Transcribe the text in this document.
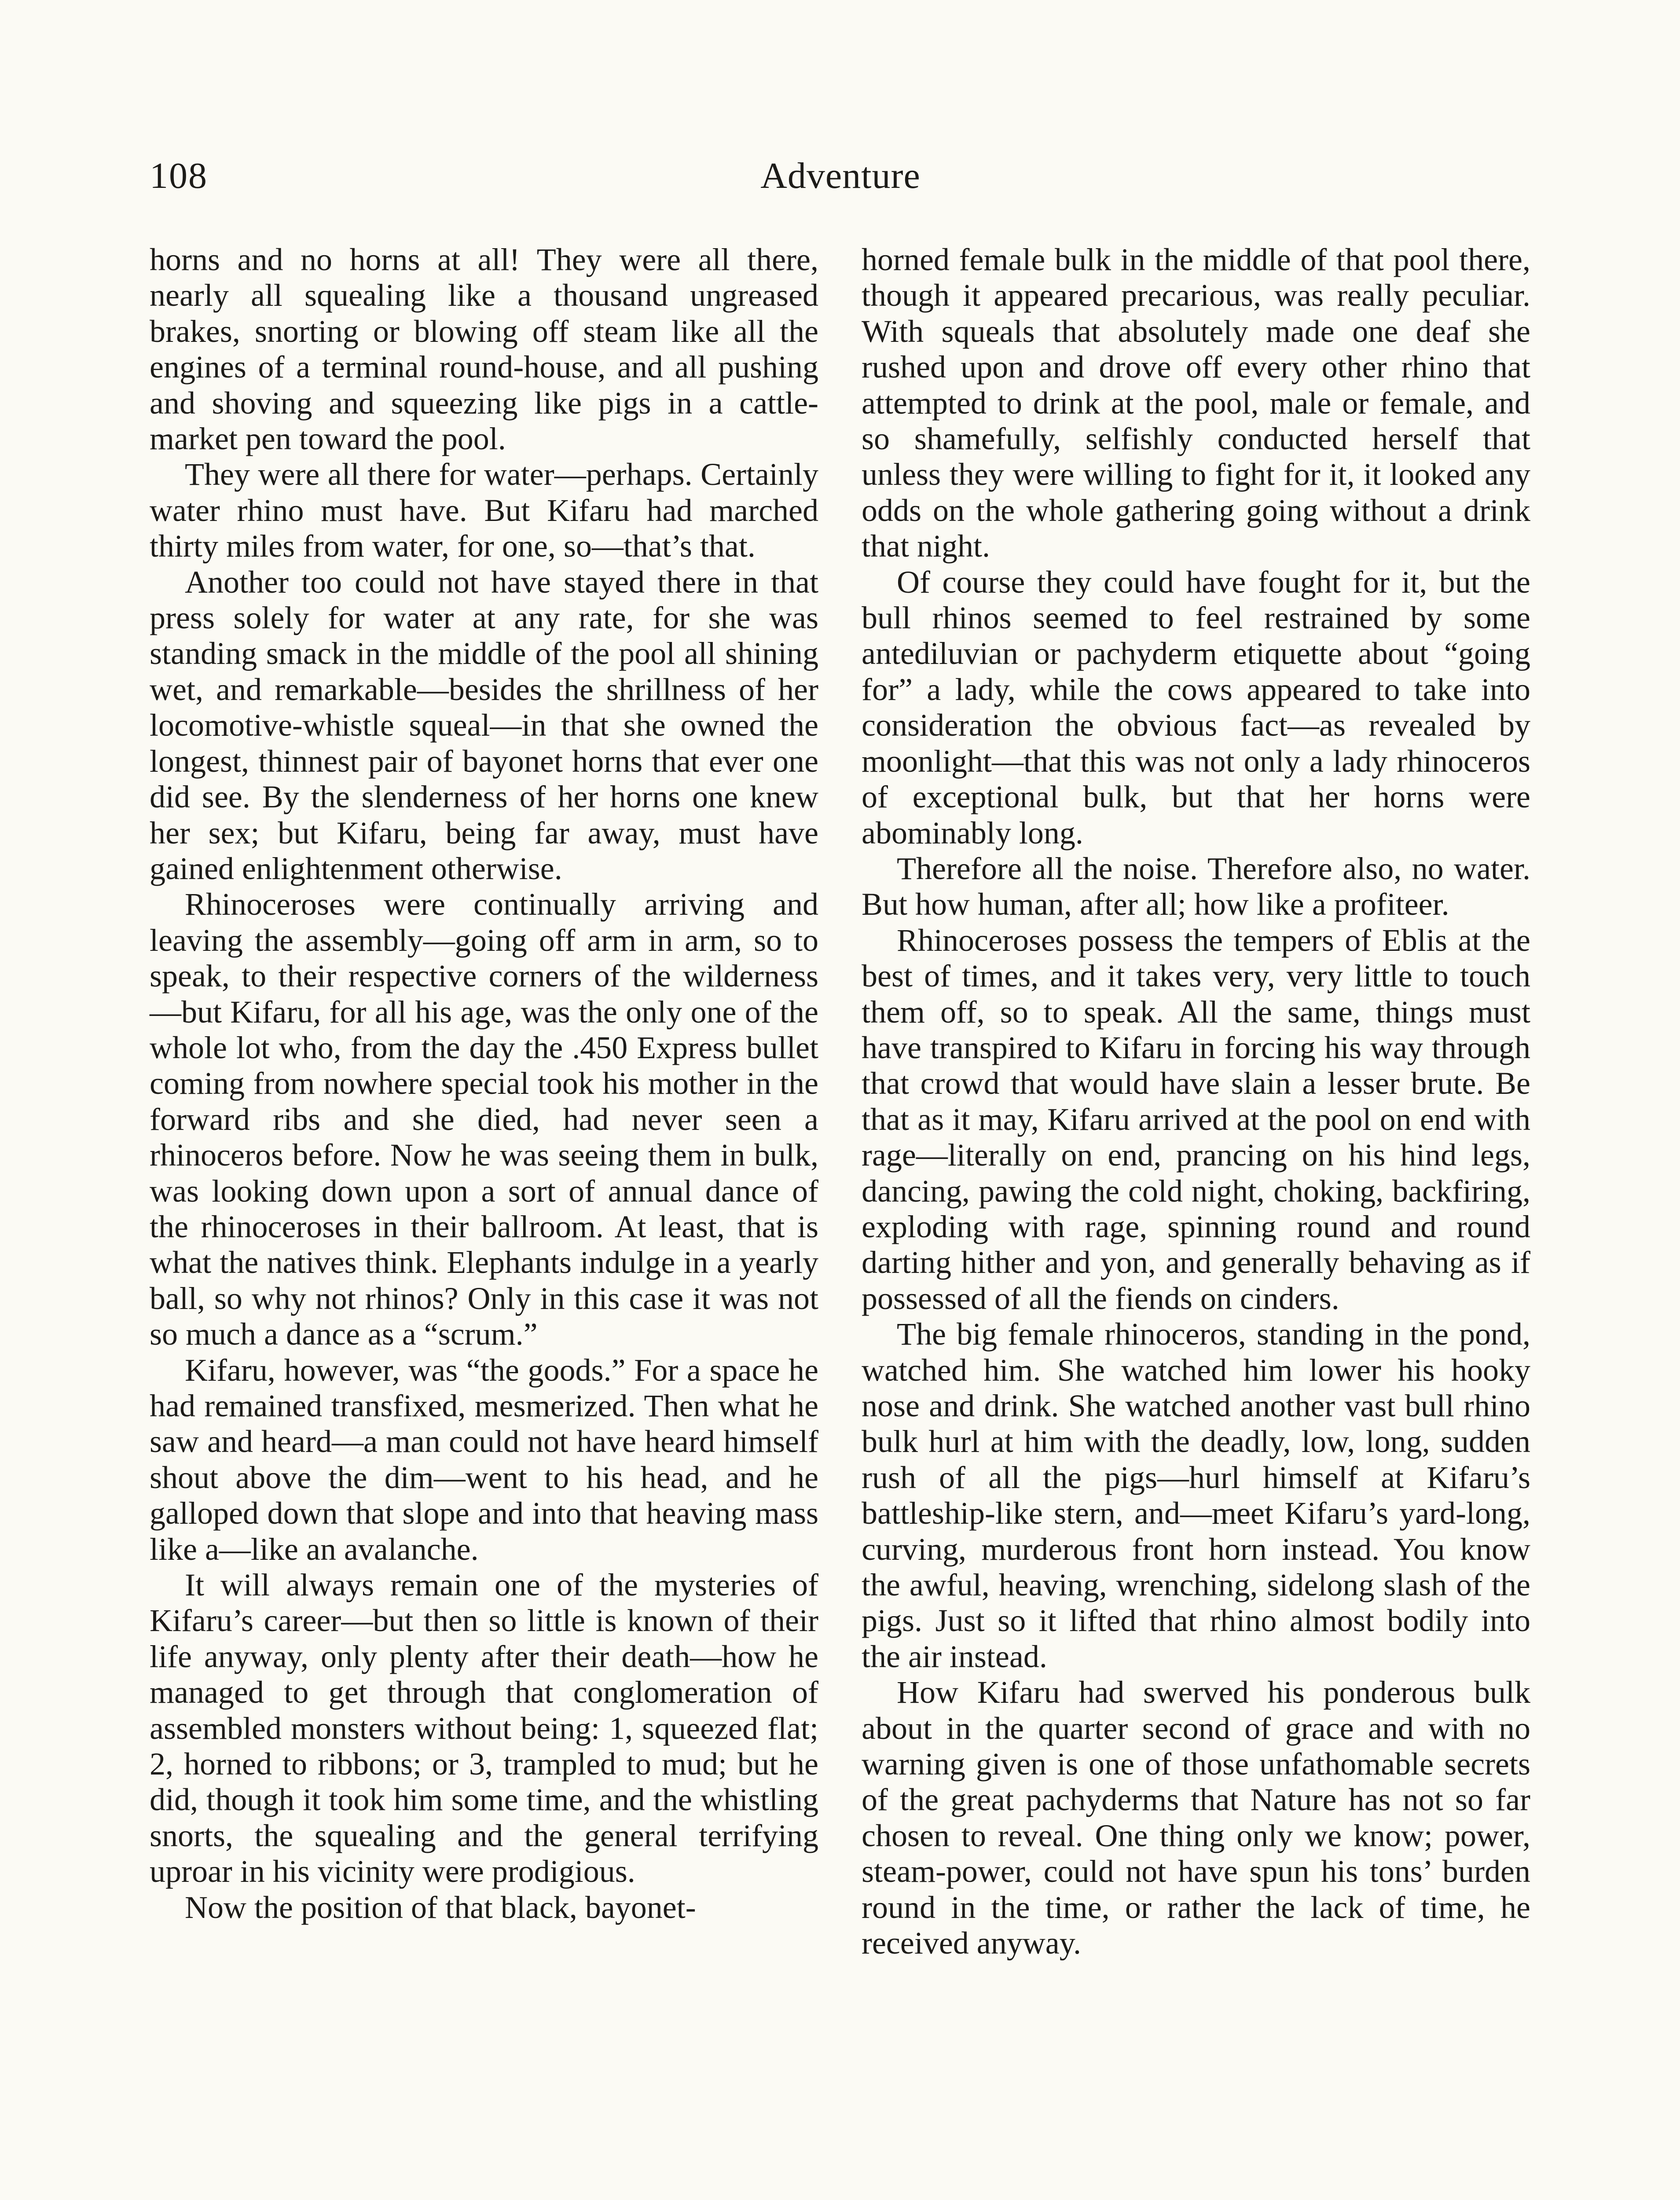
108	Adventure

horns and no horns at all! They were all there, nearly all squealing like a thousand ungreased brakes, snorting or blowing off steam like all the engines of a terminal round-house, and all pushing and shoving and squeezing like pigs in a cattle-market pen toward the pool.

They were all there for water—perhaps. Certainly water rhino must have. But Kifaru had marched thirty miles from water, for one, so—that’s that.

Another too could not have stayed there in that press solely for water at any rate, for she was standing smack in the middle of the pool all shining wet, and remarkable—besides the shrillness of her locomotive-whistle squeal—in that she owned the longest, thinnest pair of bayonet horns that ever one did see. By the slenderness of her horns one knew her sex; but Kifaru, being far away, must have gained enlightenment otherwise.

Rhinoceroses were continually arriving and leaving the assembly—going off arm in arm, so to speak, to their respective corners of the wilderness—but Kifaru, for all his age, was the only one of the whole lot who, from the day the .450 Express bullet coming from nowhere special took his mother in the forward ribs and she died, had never seen a rhinoceros before. Now he was seeing them in bulk, was looking down upon a sort of annual dance of the rhinoceroses in their ballroom. At least, that is what the natives think. Elephants indulge in a yearly ball, so why not rhinos? Only in this case it was not so much a dance as a “scrum.”

Kifaru, however, was “the goods.” For a space he had remained transfixed, mesmerized. Then what he saw and heard—a man could not have heard himself shout above the dim—went to his head, and he galloped down that slope and into that heaving mass like a—like an avalanche.

It will always remain one of the mysteries of Kifaru’s career—but then so little is known of their life anyway, only plenty after their death—how he managed to get through that conglomeration of assembled monsters without being: 1, squeezed flat; 2, horned to ribbons; or 3, trampled to mud; but he did, though it took him some time, and the whistling snorts, the squealing and the general terrifying uproar in his vicinity were prodigious.

Now the position of that black, bayonet-

horned female bulk in the middle of that pool there, though it appeared precarious, was really peculiar. With squeals that absolutely made one deaf she rushed upon and drove off every other rhino that attempted to drink at the pool, male or female, and so shamefully, selfishly conducted herself that unless they were willing to fight for it, it looked any odds on the whole gathering going without a drink that night.

Of course they could have fought for it, but the bull rhinos seemed to feel restrained by some antediluvian or pachyderm etiquette about “going for” a lady, while the cows appeared to take into consideration the obvious fact—as revealed by moonlight—that this was not only a lady rhinoceros of exceptional bulk, but that her horns were abominably long.

Therefore all the noise. Therefore also, no water. But how human, after all; how like a profiteer.

Rhinoceroses possess the tempers of Eblis at the best of times, and it takes very, very little to touch them off, so to speak. All the same, things must have transpired to Kifaru in forcing his way through that crowd that would have slain a lesser brute. Be that as it may, Kifaru arrived at the pool on end with rage—literally on end, prancing on his hind legs, dancing, pawing the cold night, choking, backfiring, exploding with rage, spinning round and round darting hither and yon, and generally behaving as if possessed of all the fiends on cinders.

The big female rhinoceros, standing in the pond, watched him. She watched him lower his hooky nose and drink. She watched another vast bull rhino bulk hurl at him with the deadly, low, long, sudden rush of all the pigs—hurl himself at Kifaru’s battleship-like stern, and—meet Kifaru’s yard-long, curving, murderous front horn instead. You know the awful, heaving, wrenching, sidelong slash of the pigs. Just so it lifted that rhino almost bodily into the air instead.

How Kifaru had swerved his ponderous bulk about in the quarter second of grace and with no warning given is one of those unfathomable secrets of the great pachyderms that Nature has not so far chosen to reveal. One thing only we know; power, steam-power, could not have spun his tons’ burden round in the time, or rather the lack of time, he received anyway.
